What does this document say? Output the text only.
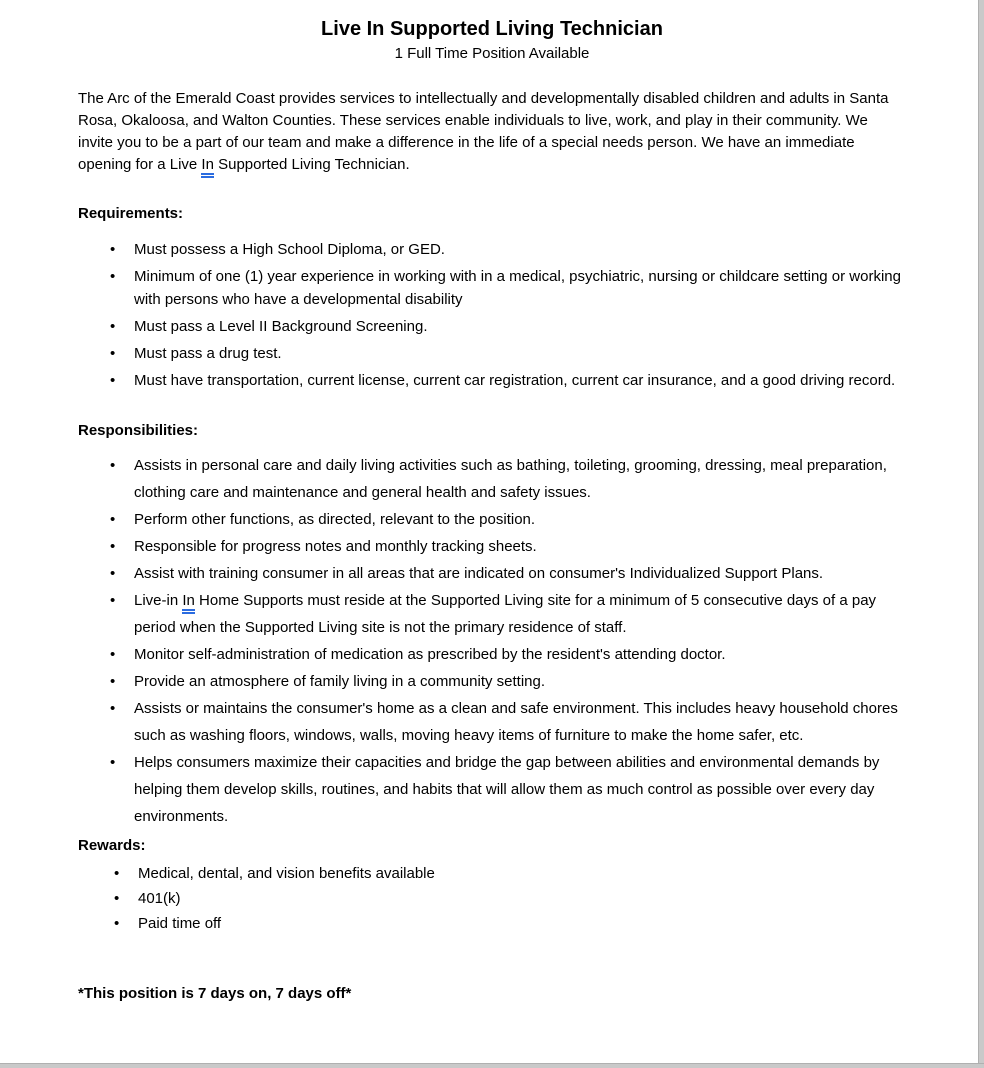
Live In Supported Living Technician
1 Full Time Position Available

The Arc of the Emerald Coast provides services to intellectually and developmentally disabled children and adults in Santa Rosa, Okaloosa, and Walton Counties. These services enable individuals to live, work, and play in their community. We invite you to be a part of our team and make a difference in the life of a special needs person. We have an immediate opening for a Live In Supported Living Technician.

Requirements:
• Must possess a High School Diploma, or GED.
• Minimum of one (1) year experience in working with in a medical, psychiatric, nursing or childcare setting or working with persons who have a developmental disability
• Must pass a Level II Background Screening.
• Must pass a drug test.
• Must have transportation, current license, current car registration, current car insurance, and a good driving record.
Responsibilities:
• Assists in personal care and daily living activities such as bathing, toileting, grooming, dressing, meal preparation, clothing care and maintenance and general health and safety issues.
• Perform other functions, as directed, relevant to the position.
• Responsible for progress notes and monthly tracking sheets.
• Assist with training consumer in all areas that are indicated on consumer's Individualized Support Plans.
• Live-in In Home Supports must reside at the Supported Living site for a minimum of 5 consecutive days of a pay period when the Supported Living site is not the primary residence of staff.
• Monitor self-administration of medication as prescribed by the resident's attending doctor.
• Provide an atmosphere of family living in a community setting.
• Assists or maintains the consumer's home as a clean and safe environment. This includes heavy household chores such as washing floors, windows, walls, moving heavy items of furniture to make the home safer, etc.
• Helps consumers maximize their capacities and bridge the gap between abilities and environmental demands by helping them develop skills, routines, and habits that will allow them as much control as possible over every day environments.
Rewards:
• Medical, dental, and vision benefits available
• 401(k)
• Paid time off

*This position is 7 days on, 7 days off*
